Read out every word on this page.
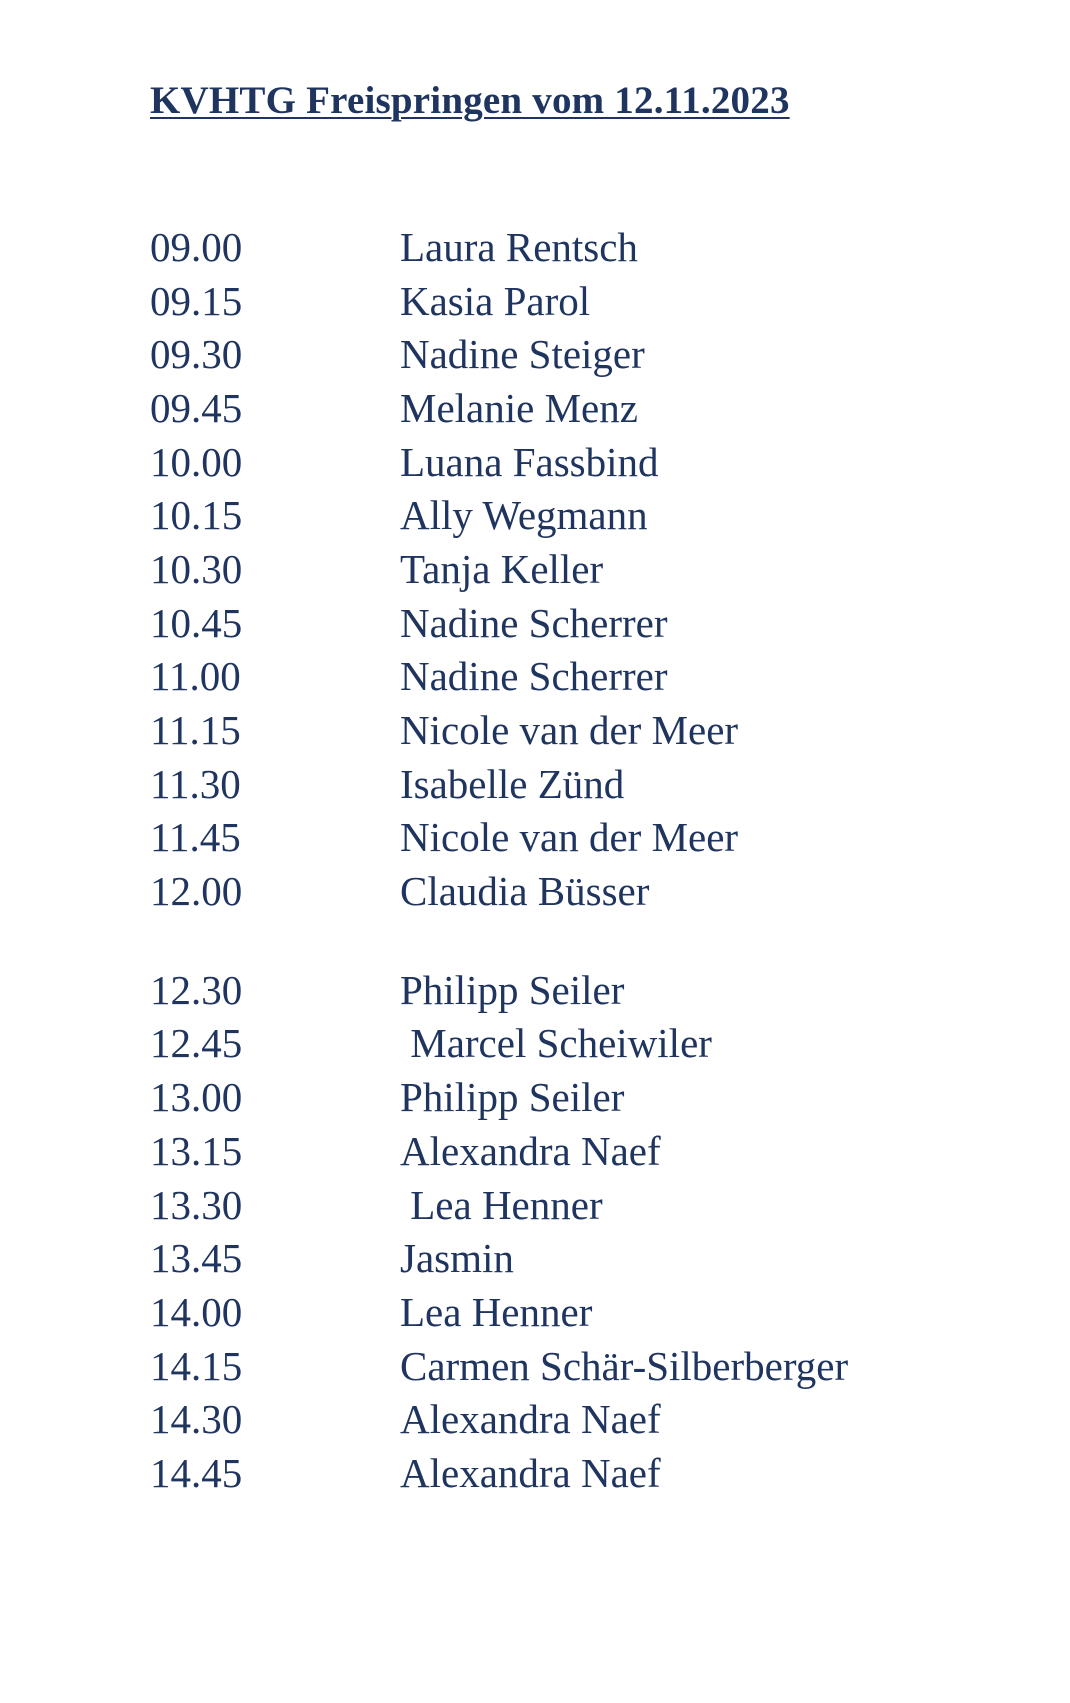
KVHTG Freispringen vom 12.11.2023
09.00	Laura Rentsch
09.15	Kasia Parol
09.30	Nadine Steiger
09.45	Melanie Menz
10.00	Luana Fassbind
10.15	Ally Wegmann
10.30	Tanja Keller
10.45	Nadine Scherrer
11.00	Nadine Scherrer
11.15	Nicole van der Meer
11.30	Isabelle Zünd
11.45	Nicole van der Meer
12.00	Claudia Büsser
12.30	Philipp Seiler
12.45	Marcel Scheiwiler
13.00	Philipp Seiler
13.15	Alexandra Naef
13.30	Lea Henner
13.45	Jasmin
14.00	Lea Henner
14.15	Carmen Schär-Silberberger
14.30	Alexandra Naef
14.45	Alexandra Naef
